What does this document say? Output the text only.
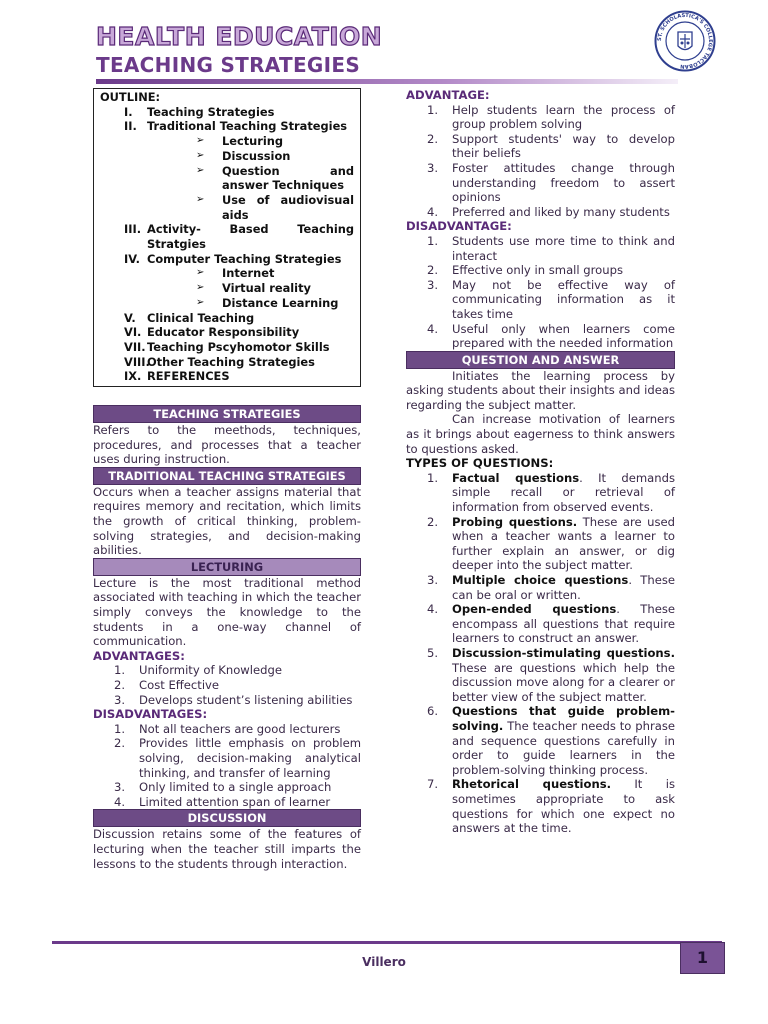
HEALTH EDUCATION
TEACHING STRATEGIES
ST. SCHOLASTICA'S COLLEGE TACLOBAN
OUTLINE:
I.	Teaching Strategies
II. Traditional Teaching Strategies
➢	Lecturing
➢	Discussion
➢	Question and answer Techniques
➢	Use of audiovisual aids
III. Activity- Based Teaching Stratgies
IV. Computer Teaching Strategies
➢	Internet
➢	Virtual reality
➢	Distance Learning
V. Clinical Teaching
VI. Educator Responsibility
VII. Teaching Pscyhomotor Skills
VIII.
Other Teaching Strategies
IX. REFERENCES
TEACHING STRATEGIES

Refers to the meethods, techniques, procedures, and processes that a teacher uses during instruction.

TRADITIONAL TEACHING STRATEGIES

Occurs when a teacher assigns material that requires memory and recitation, which limits the growth of critical thinking, problem-solving strategies, and decision-making abilities.

LECTURING

Lecture is the most traditional method associated with teaching in which the teacher simply conveys the knowledge to the students in a one-way channel of communication.

ADVANTAGES:
1.	Uniformity of Knowledge
2.	Cost Effective
3.	Develops student’s listening abilities
DISADVANTAGES:
1.	Not all teachers are good lecturers
2.	Provides little emphasis on problem solving, decision-making analytical thinking, and transfer of learning
3.	Only limited to a single approach
4.	Limited attention span of learner
DISCUSSION

Discussion retains some of the features of lecturing when the teacher still imparts the lessons to the students through interaction.

ADVANTAGE:
1.	Help students learn the process of group problem solving
2.	Support students' way to develop their beliefs
3.	Foster attitudes change through understanding freedom to assert opinions
4.	Preferred and liked by many students
DISADVANTAGE:
1.	Students use more time to think and interact
2.	Effective only in small groups
3.	May not be effective way of communicating information as it takes time
4.	Useful only when learners come prepared with the needed information
QUESTION AND ANSWER

Initiates the learning process by asking students about their insights and ideas regarding the subject matter.

Can increase motivation of learners as it brings about eagerness to think answers to questions asked.

TYPES OF QUESTIONS:
1.	Factual questions. It demands simple recall or retrieval of information from observed events.
2.	Probing questions. These are used when a teacher wants a learner to further explain an answer, or dig deeper into the subject matter.
3.	Multiple choice questions. These can be oral or written.
4.	Open-ended questions. These encompass all questions that require learners to construct an answer.
5.	Discussion-stimulating questions. These are questions which help the discussion move along for a clearer or better view of the subject matter.
6.	Questions that guide problem-solving. The teacher needs to phrase and sequence questions carefully in order to guide learners in the problem-solving thinking process.
7.	Rhetorical questions. It is sometimes appropriate to ask questions for which one expect no answers at the time.
Villero	1
